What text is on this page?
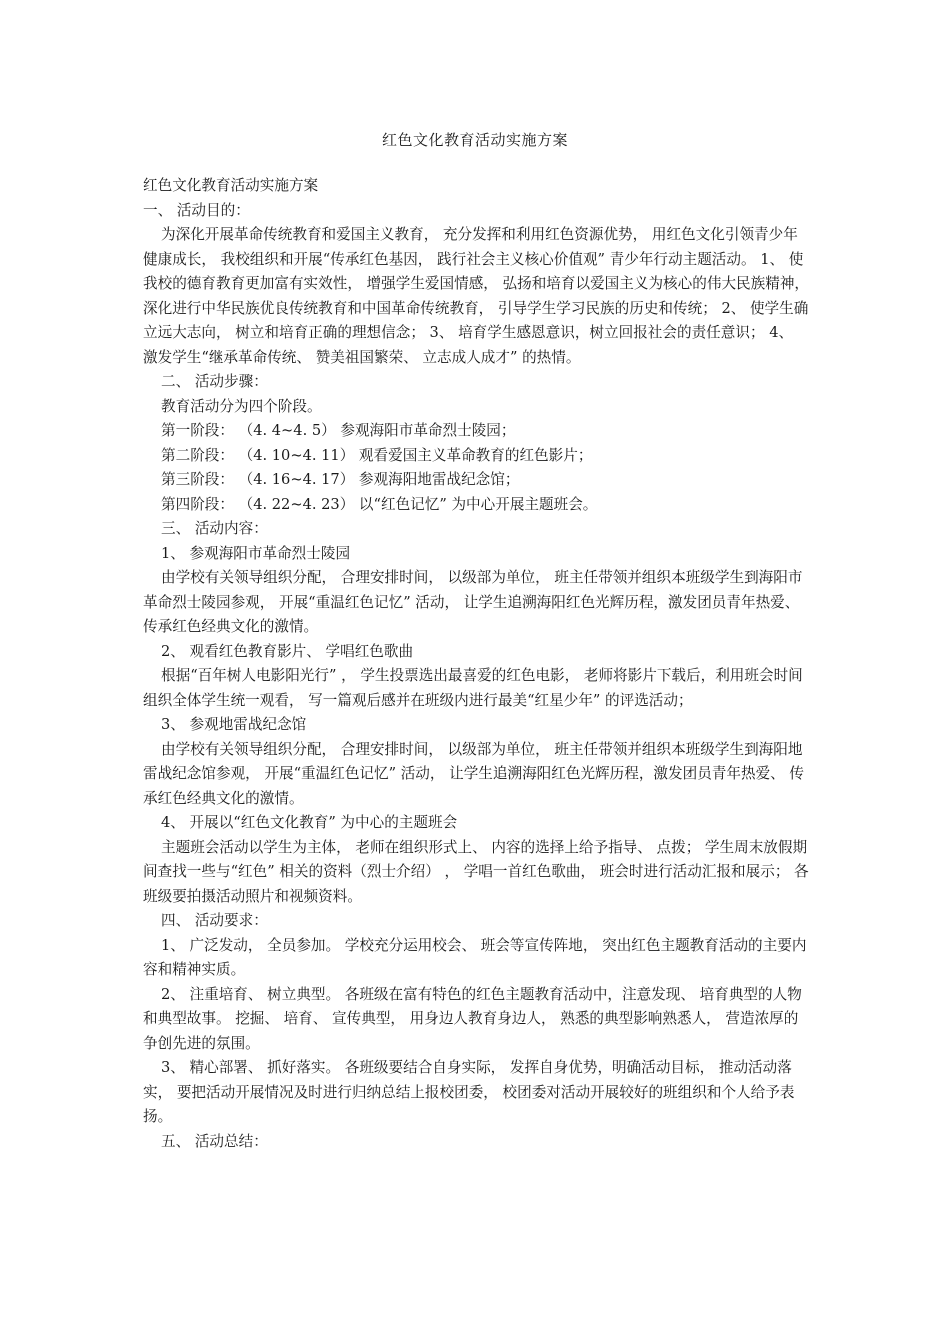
红色文化教育活动实施方案

红色文化教育活动实施方案

一、 活动目的：

为深化开展革命传统教育和爱国主义教育， 充分发挥和利用红色资源优势， 用红色文化引领青少年健康成长， 我校组织和开展“传承红色基因， 践行社会主义核心价值观” 青少年行动主题活动。 1、 使我校的德育教育更加富有实效性， 增强学生爱国情感， 弘扬和培育以爱国主义为核心的伟大民族精神， 深化进行中华民族优良传统教育和中国革命传统教育， 引导学生学习民族的历史和传统； 2、 使学生确立远大志向， 树立和培育正确的理想信念； 3、 培育学生感恩意识，树立回报社会的责任意识； 4、 激发学生“继承革命传统、 赞美祖国繁荣、 立志成人成才” 的热情。

二、 活动步骤：

教育活动分为四个阶段。

第一阶段： （4. 4~4. 5） 参观海阳市革命烈士陵园；

第二阶段： （4. 10~4. 11） 观看爱国主义革命教育的红色影片；

第三阶段： （4. 16~4. 17） 参观海阳地雷战纪念馆；

第四阶段： （4. 22~4. 23） 以“红色记忆” 为中心开展主题班会。

三、 活动内容：

1、 参观海阳市革命烈士陵园

由学校有关领导组织分配， 合理安排时间， 以级部为单位， 班主任带领并组织本班级学生到海阳市革命烈士陵园参观， 开展“重温红色记忆” 活动， 让学生追溯海阳红色光辉历程，激发团员青年热爱、传承红色经典文化的激情。

2、 观看红色教育影片、 学唱红色歌曲

根据“百年树人电影阳光行” ， 学生投票选出最喜爱的红色电影， 老师将影片下载后，利用班会时间组织全体学生统一观看， 写一篇观后感并在班级内进行最美“红星少年” 的评选活动；

3、 参观地雷战纪念馆

由学校有关领导组织分配， 合理安排时间， 以级部为单位， 班主任带领并组织本班级学生到海阳地雷战纪念馆参观， 开展“重温红色记忆” 活动， 让学生追溯海阳红色光辉历程，激发团员青年热爱、 传承红色经典文化的激情。

4、 开展以“红色文化教育” 为中心的主题班会

主题班会活动以学生为主体， 老师在组织形式上、 内容的选择上给予指导、 点拨； 学生周末放假期间查找一些与“红色” 相关的资料（烈士介绍） ， 学唱一首红色歌曲， 班会时进行活动汇报和展示； 各班级要拍摄活动照片和视频资料。

四、 活动要求：

1、 广泛发动， 全员参加。 学校充分运用校会、 班会等宣传阵地， 突出红色主题教育活动的主要内容和精神实质。

2、 注重培育、 树立典型。 各班级在富有特色的红色主题教育活动中，注意发现、 培育典型的人物和典型故事。 挖掘、 培育、 宣传典型， 用身边人教育身边人， 熟悉的典型影响熟悉人， 营造浓厚的争创先进的氛围。

3、 精心部署、 抓好落实。 各班级要结合自身实际， 发挥自身优势，明确活动目标， 推动活动落实， 要把活动开展情况及时进行归纳总结上报校团委， 校团委对活动开展较好的班组织和个人给予表扬。

五、 活动总结：
